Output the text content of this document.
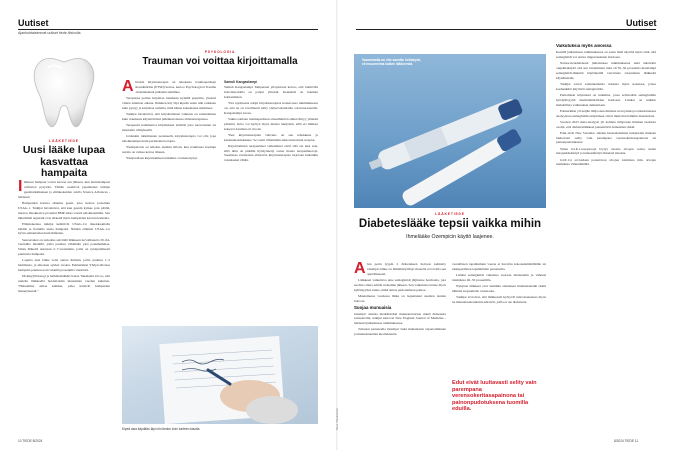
Uutiset
Ajankohtaisimmat uutiset tiede.fi/sivulla
LÄÄKETIEDE
Uusi lääke lupaa kasvattaa hampaita
I hmisen hampaat voivat kasvaa sen jälkeen, kun maitohampaat vaihtuvat pysyviin. Tämän osoittivat japanilaiset tutkijat geenitutkimuksen ja eläinkokeiden avulla Science Advances -lehdessä.

Hampaiden kasvua säätelee geeni, joka tuottaa proteiinia USAG-1. Tutkijat havaitsivat, että kun geenin kytkee pois päältä, luustoa muokkaava proteiini BMP alkaa vaestä tehokkaammin. Sen lähettämät signaalit ovat tärkeitä myös hampaiden kasvun kannalta.

Eläinkokeissa tutkijat kehittivät USAG-1:n muokkaamalla hiirille ja fretteille uusia hampaita. Näiden eläinten USAG-1-n hyvin samanlainen kuin ihmisten.

Seuraavaksi on tarkoitus selvittää lääkkeen turvallisuutta 30–64-vuotiailla miehillä, joilta puuttuu vähintään yksi poskihammas. Sitten lääkettä testataan 2–7-vuotiaisiin, joilta on synnynnäisesti puuttuvia hampaita.

Lopulta uusi lääke voisi auttaa ihmisiä, joilta puuttuu 1–5 hammasta, ja ulkoisen syiden vuoksi. Esimerkiksi Yhdysvalloissa hampaita puuttuu noin viidellä prosentilla väestöstä.

Molekyylibiologi ja hammaslääkäri Katsu Takahashi toivoo, että uudella lääkkeellä hoidettaisiin muutaman vuoden kuluttua. "Haluamme auttaa kaikkia, jotka kärsivät hampaiden menetyksestä."

PSYKOLOGIA
Trauman voi voittaa kirjoittamalla
A lttoista kirjoitusterapia on tehokasta traumaperäisen stressihäiriön (PTSD) hoitoa, kertoo Psychological Trauma -tiedelehdessä julkaistu tutkimus.

Terapiassa potilas kirjoittaa traumasta kynällä paperille, yleensä viiden istunnon aikana. Ihminen käy läpi kipeän asian niin tarkkaan kuin pystyy ja kirjoittaa samalla, mitä hänen kokemansa merkitsee.

Tutkijat havaitsivat, että kirjoittamisen vaikutus on samanlainen kuin traumasta käytettävässä pitkäkestoisessa altistusterapiassa.

Terapeutti kommentoi kirjoituksen sisältöä joko kasvotusten tai internetin välityksellä.

Joidenkin tutkimusten perusteella kirjoitusterapia voi olla jopa tehokkaampaa kuin perinteinen terapia.

Yksinpelotus on tehokas etenkin silloin, kun traumassa koettuja asioita on vaikea kertoa ääneen.

Yksipuolisen kirjoittamisen tutkimus on menestynyt.

Samuli Kangaslampi

Samuli Kangaslampi Tampereen yliopistosta kertoo, että toimivilla hoitomuodoilla on paljon yhteistä. Keskeistä on trauman kohtaaminen.

Ylei rajoitteena tekijä kirjoitusterapiaa koskevassa tutkimuksessa on, että ne on tavallisesti tehty yhdysvaltalaisilla sotaveteraaneilla. Kangaslampi toteaa.

Vakka sotilaan traumaperäisen stressihäiriön siihen liittyy yhteisiä piirteitä, hoito voi hyötyä myös muista tekijöistä, sillä eri ihmiset kokevat trauman eri tavoin.

Yksi kirjoitusterapian vahvuus on sen tehokkuus ja kustannustehokkuus. Se vaatii vähemmän aikaa kuin muut terapiat.

Kirjoittamisen terapeuttiset vaikutukset eivät silti ole uusi asia, sillä niitä on pitkään hyödynnetty osana monia terapiamuotoja. Suomessa varsinaista altistavaa kirjoitusterapiaa tarjotaan kuitenkin toistaiseksi vähän.

Kipeä asia käydään läpi niin tiedon kuin tunteen tasolla.
10 TIEDE 8/2024
Uutiset
Vasemmalla on niin sanottu hoitokynä, eli muunnelma kaiken lääkkeestä.
Kuva: Shutterstock
LÄÄKETIEDE
Diabeteslääke tepsii vaikka mihin
Ihmelääke Ozempicin käyttö laajenee.
A lun perin tyypin 2 diabeteksen hoitoon kehitetty Ozempic-lääke on hämmästyttänyt monella eri tavalla sen apuvälineenä.

Lääkkeen vaikuttava aine semaglutidi jäljittelee hormonia, jota suolisto alkaa erittää ruokailun jälkeen. Sen vaikutusta tuntee myös kylläisyyden tunne, mikä auttaa pudottamaan painoa.

Muutamassa vuodessa lääke on laajentunut useiden tautien hoitoon.

Suojaa munuaisia

Ozempic alentaa merkittävästi munuaisvaurion riskiä diabetesta sairastavilla, tutkijat kertovat New England Journal of Medicine -lehdessä julkaistussa tutkimuksessa.

Tulosten perusteella Ozempic laski munuaisten vajaatoiminnan ja munuaistautien kuolleisuutta.

vaarallisten tapahtumien vaaraa ei havaittu kokonaismäärältään tai niskaperäisten tapahtumien perusteella.

Lisäksi semaglutidi vaikuttaa suoraan munuaisiin ja vähensi tulehdusta 40–50 prosentilla.

Nykyiset lääkkeet ovat aiemmin alentaneet munuaistaudin riskiä lähinnä suojaamalla verisuonia.

Tutkijat arvioivat, että lääkkeestä hyötyvät tulevaisuudessa myös ne munuaissairauksista kärsivät, joilla ei ole diabetesta.

Edut eivät luultavasti selity vain parempana verensokeritasapainona tai painonpudotuksena tuomilla eduilla.
Vaikutuksia myös aivoissa

Kesällä julkaistussa tutkimuksessa on saatu lisää näyttöä myös siitä, että semaglutidi voi auttaa riippuvuuksien hoidossa.

Nature-tiedelehdessä julkaistussa tutkimuksessa sekä alkoholin ongelmakäyttö että sen toistuminen riski oli 50–56 prosenttia matalampi semaglutidi-lääkettä käyttäneillä verrattuna toisenlaisia lääkkeitä käyttäneisiin.

Tutkijat saivat samankaltaisia tuloksia myös kokeissa, joissa koehenkilöt käyttivät semaglutidia.

Parhaillaan käynnissä on tutkimus, jossa selvitetään semaglutidin hyödyllisyyttä mielialahäiriöiden hoidossa. Lisäksi on tutkittu mahdollisia vaikutuksia dementiaan.

Esimerkiksi yli neljän miljoonan ihmisen terveystietoja tarkastelleessa analyysissa semaglutidia käyttäneet olivat muita harvemmin itsetuhoisia.

Vuoden 2023 meta-analyysi yli kolmen miljoonan ihmisen tiedoista osoitti, että diabeteslääkkeet pienentävät dementian riskiä.

Edut eivät New Scientist -lehden haastattelemien tutkijoiden mukaan luultavasti selity vain parempana verensokeritasapainona tai painonpudotuksena.

Sitten GLP-1-reseptoreja löytyy useista aivojen osista, kuten tietojenkäsittelyä ja tunnesäätelyä tärkeistä alueista.

GLP-1:n arvioidaan parantavan aivojen toimintaa mm. aivojen tulehdusta vähentämällä.

8/2024 TIEDE 11
